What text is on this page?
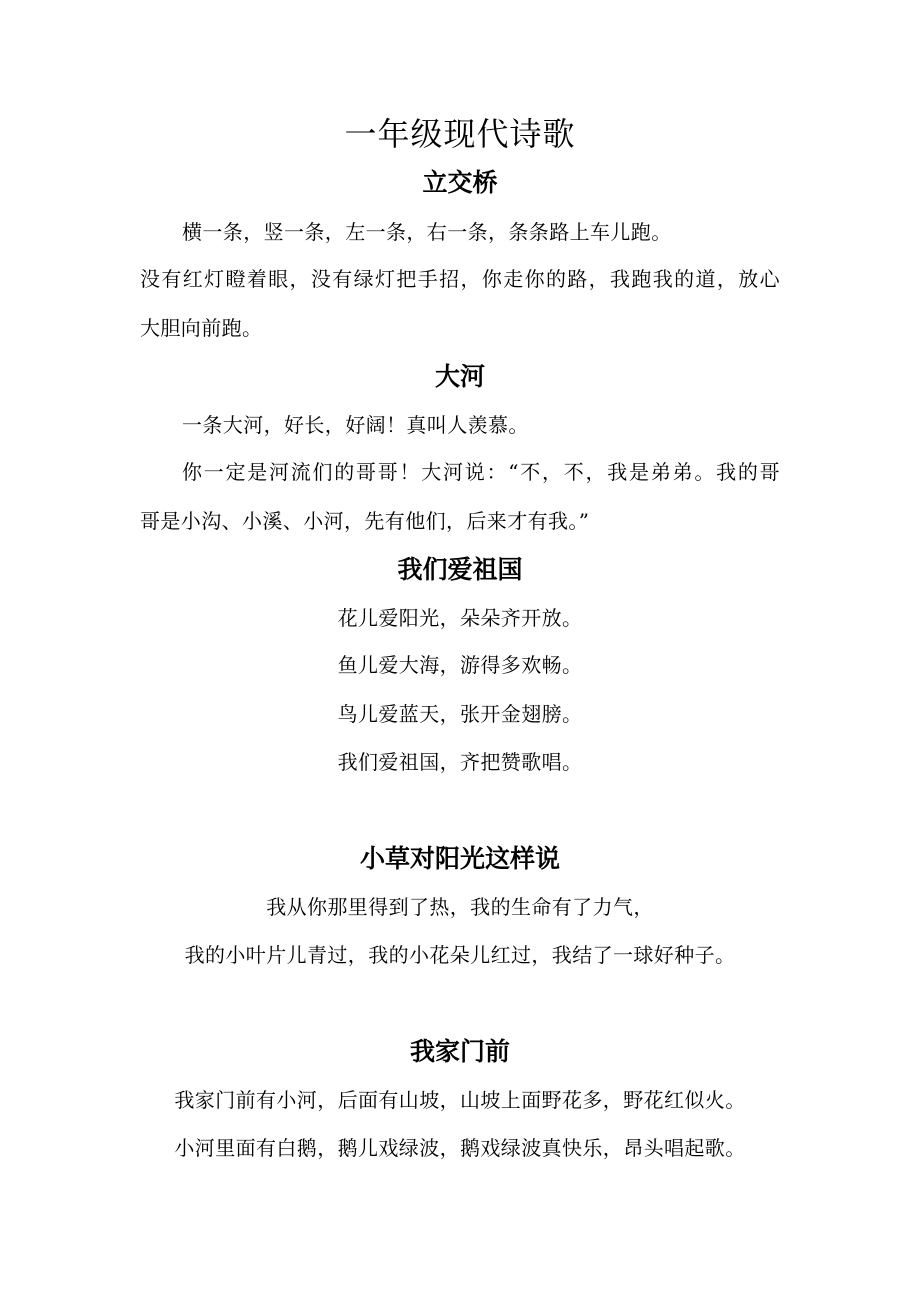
一年级现代诗歌
立交桥

横一条，竖一条，左一条，右一条，条条路上车儿跑。

没有红灯瞪着眼，没有绿灯把手招，你走你的路，我跑我的道，放心

大胆向前跑。

大河

一条大河，好长，好阔！真叫人羡慕。

你一定是河流们的哥哥！大河说：“不，不，我是弟弟。我的哥

哥是小沟、小溪、小河，先有他们，后来才有我。”

我们爱祖国

花儿爱阳光，朵朵齐开放。

鱼儿爱大海，游得多欢畅。

鸟儿爱蓝天，张开金翅膀。

我们爱祖国，齐把赞歌唱。

小草对阳光这样说

我从你那里得到了热，我的生命有了力气，

我的小叶片儿青过，我的小花朵儿红过，我结了一球好种子。

我家门前

我家门前有小河，后面有山坡，山坡上面野花多，野花红似火。

小河里面有白鹅，鹅儿戏绿波，鹅戏绿波真快乐，昂头唱起歌。
